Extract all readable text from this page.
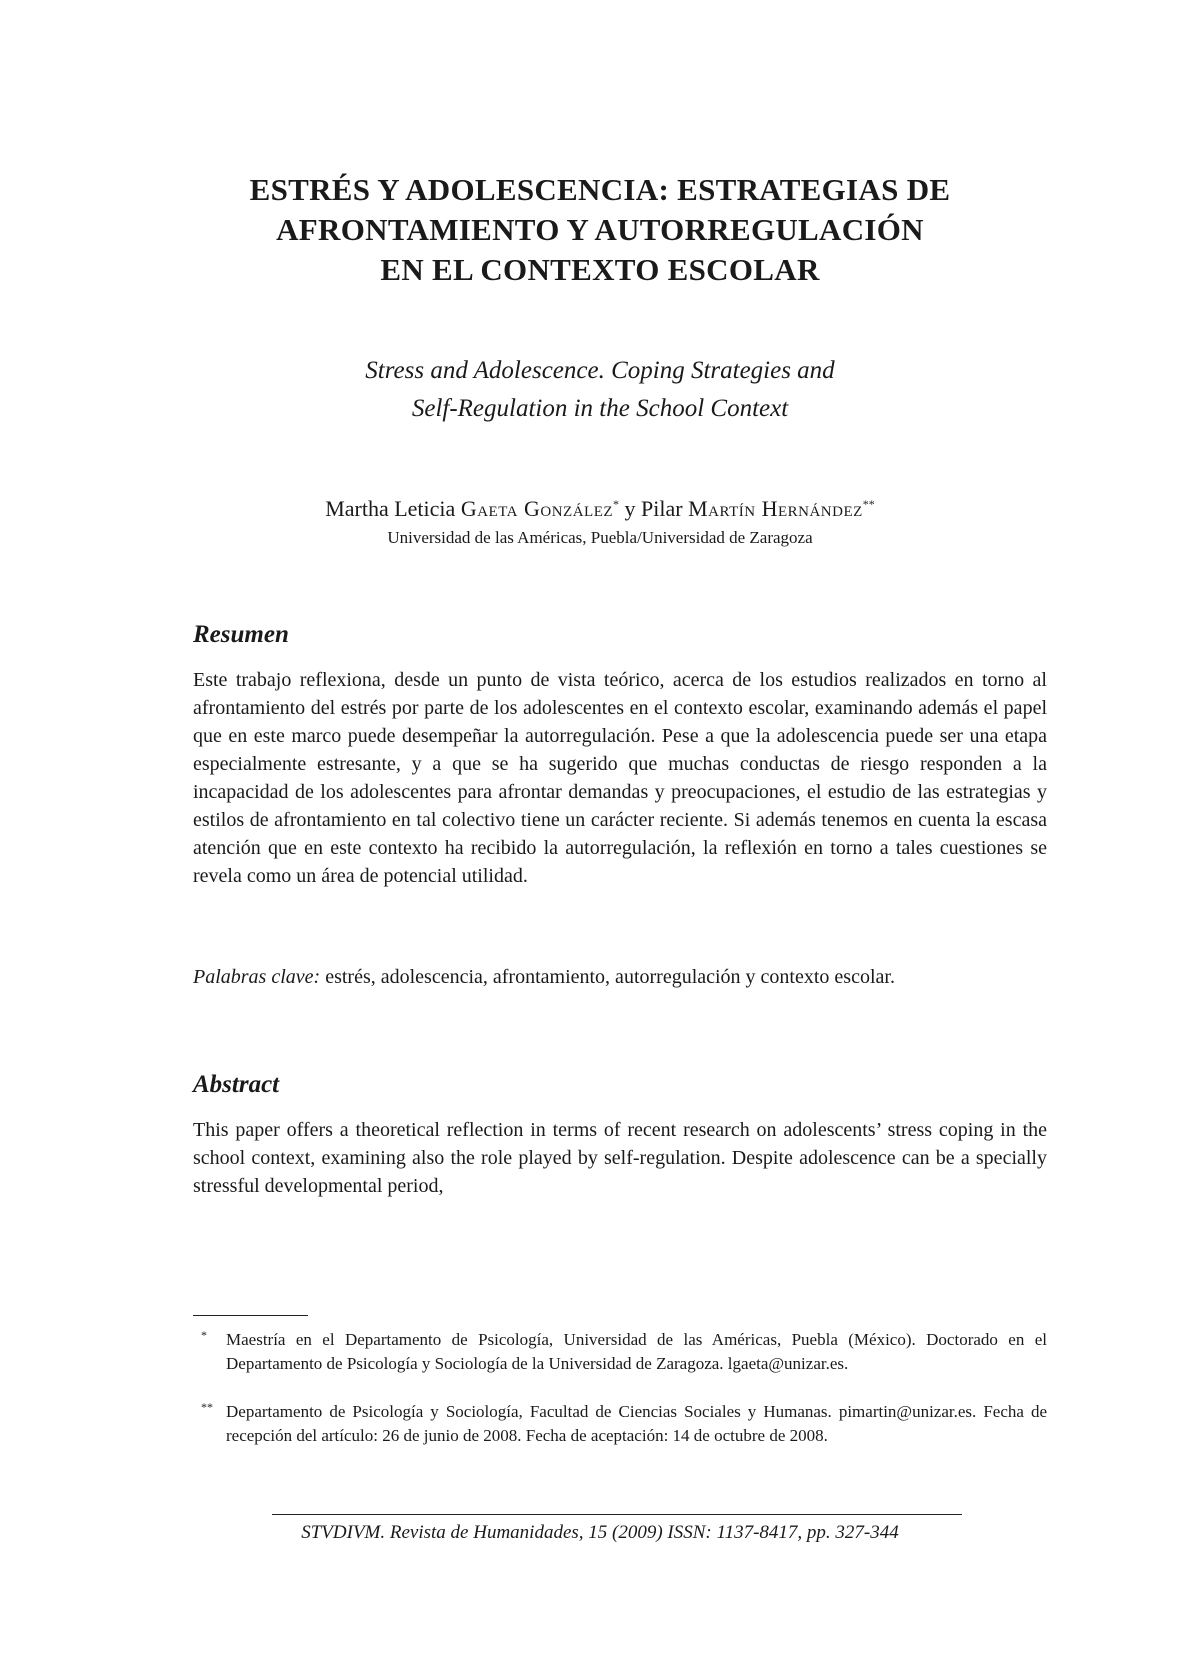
ESTRÉS Y ADOLESCENCIA: ESTRATEGIAS DE
AFRONTAMIENTO Y AUTORREGULACIÓN
EN EL CONTEXTO ESCOLAR
Stress and Adolescence. Coping Strategies and
Self-Regulation in the School Context
Martha Leticia Gaeta González* y Pilar Martín Hernández**
Universidad de las Américas, Puebla/Universidad de Zaragoza
Resumen
Este trabajo reflexiona, desde un punto de vista teórico, acerca de los estudios realizados en torno al afrontamiento del estrés por parte de los adolescentes en el contexto escolar, examinando además el papel que en este marco puede desempeñar la autorregulación. Pese a que la adolescencia puede ser una etapa especialmente estresante, y a que se ha sugerido que muchas conductas de riesgo responden a la incapacidad de los adolescentes para afrontar demandas y preocupaciones, el estudio de las estrategias y estilos de afrontamiento en tal colectivo tiene un carácter reciente. Si además tenemos en cuenta la escasa atención que en este contexto ha recibido la autorregulación, la reflexión en torno a tales cuestiones se revela como un área de potencial utilidad.
Palabras clave: estrés, adolescencia, afrontamiento, autorregulación y contexto escolar.
Abstract
This paper offers a theoretical reflection in terms of recent research on adolescents’ stress coping in the school context, examining also the role played by self-regulation. Despite adolescence can be a specially stressful developmental period,
* Maestría en el Departamento de Psicología, Universidad de las Américas, Puebla (México). Doctorado en el Departamento de Psicología y Sociología de la Universidad de Zaragoza. lgaeta@unizar.es.
** Departamento de Psicología y Sociología, Facultad de Ciencias Sociales y Humanas. pimartin@unizar.es. Fecha de recepción del artículo: 26 de junio de 2008. Fecha de aceptación: 14 de octubre de 2008.
STVDIVM. Revista de Humanidades, 15 (2009) ISSN: 1137-8417, pp. 327-344
